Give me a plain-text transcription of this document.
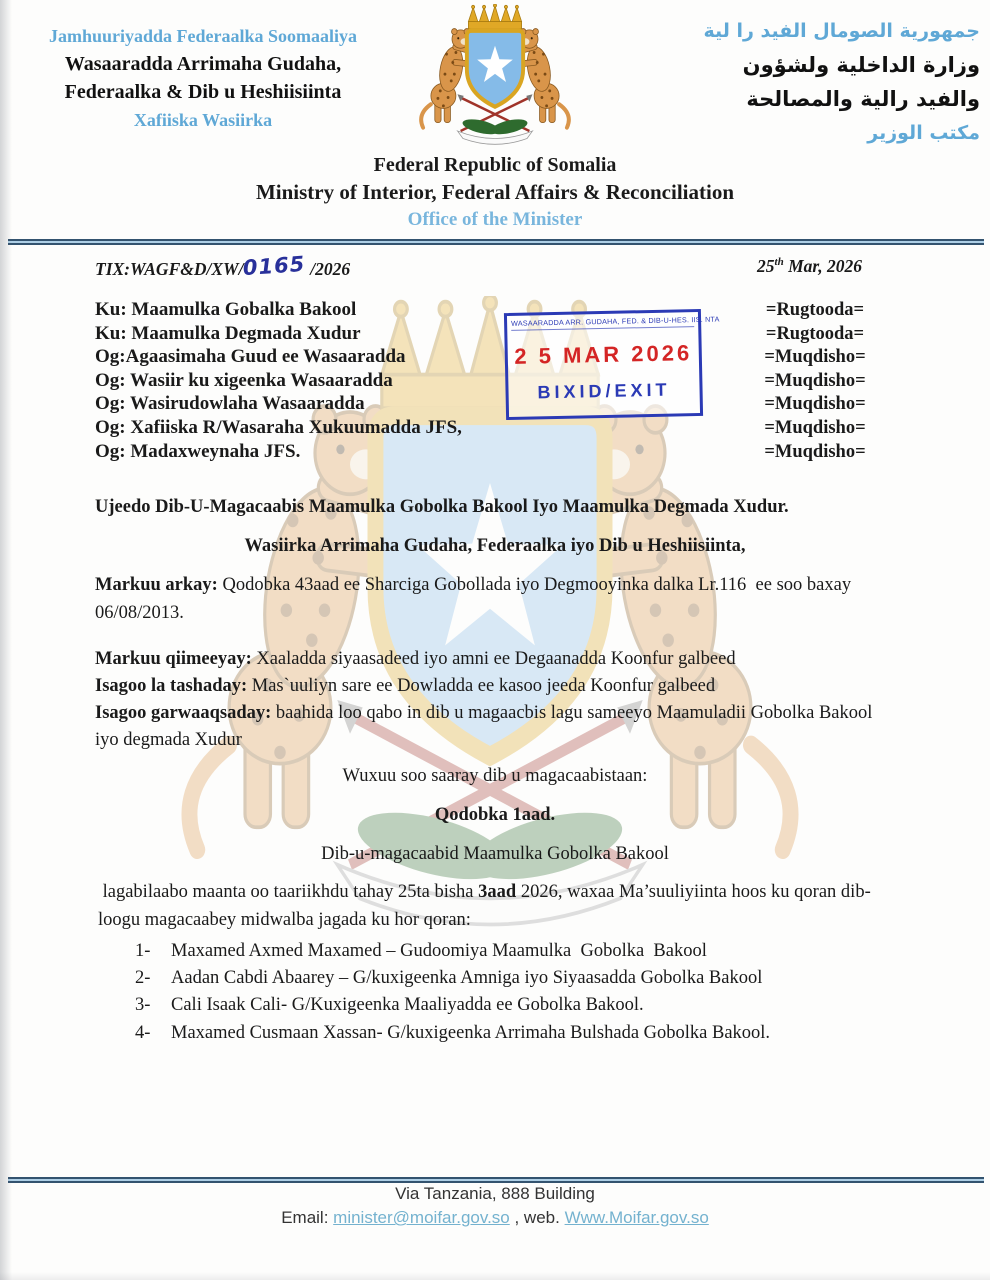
Jamhuuriyadda Federaalka Soomaaliya
Wasaaradda Arrimaha Gudaha,
Federaalka & Dib u Heshiisiinta
Xafiiska Wasiirka
جمهورية الصومال الفيد را لية
وزارة الداخلية ولشؤون
والفيد رالية والمصالحة
مكتب الوزير
Federal Republic of Somalia
Ministry of Interior, Federal Affairs & Reconciliation
Office of the Minister
TIX:WAGF&D/XW/0165 /2026	25th Mar, 2026
Ku: Maamulka Gobalka Bakool	=Rugtooda=
Ku: Maamulka Degmada Xudur	=Rugtooda=
Og:Agaasimaha Guud ee Wasaaradda	=Muqdisho=
Og: Wasiir ku xigeenka Wasaaradda	=Muqdisho=
Og: Wasirudowlaha Wasaaradda	=Muqdisho=
Og: Xafiiska R/Wasaraha Xukuumadda JFS,	=Muqdisho=
Og: Madaxweynaha JFS.	=Muqdisho=
WASAARADDA ARR. GUDAHA, FED. & DIB-U-HES. IIS. NTA
2 5 MAR 2026
BIXID/EXIT
Ujeedo Dib-U-Magacaabis Maamulka Gobolka Bakool Iyo Maamulka Degmada Xudur.
Wasiirka Arrimaha Gudaha, Federaalka iyo Dib u Heshiisiinta,

Markuu arkay: Qodobka 43aad ee Sharciga Gobollada iyo Degmooyinka dalka Lr.116  ee soo baxay 06/08/2013.

Markuu qiimeeyay: Xaaladda siyaasadeed iyo amni ee Degaanadda Koonfur galbeed

Isagoo la tashaday: Mas`uuliyn sare ee Dowladda ee kasoo jeeda Koonfur galbeed

Isagoo garwaaqsaday: baahida loo qabo in dib u magaacbis lagu sameeyo Maamuladii Gobolka Bakool iyo degmada Xudur

Wuxuu soo saaray dib u magacaabistaan:
Qodobka 1aad.
Dib-u-magacaabid Maamulka Gobolka Bakool

lagabilaabo maanta oo taariikhdu tahay 25ta bisha 3aad 2026, waxaa Ma’suuliyiinta hoos ku qoran dib-loogu magacaabey midwalba jagada ku hor qoran:

1-	Maxamed Axmed Maxamed – Gudoomiya Maamulka  Gobolka  Bakool
2-	Aadan Cabdi Abaarey – G/kuxigeenka Amniga iyo Siyaasadda Gobolka Bakool
3-	Cali Isaak Cali- G/Kuxigeenka Maaliyadda ee Gobolka Bakool.
4-	Maxamed Cusmaan Xassan- G/kuxigeenka Arrimaha Bulshada Gobolka Bakool.
Via Tanzania, 888 Building
Email: minister@moifar.gov.so , web. Www.Moifar.gov.so
